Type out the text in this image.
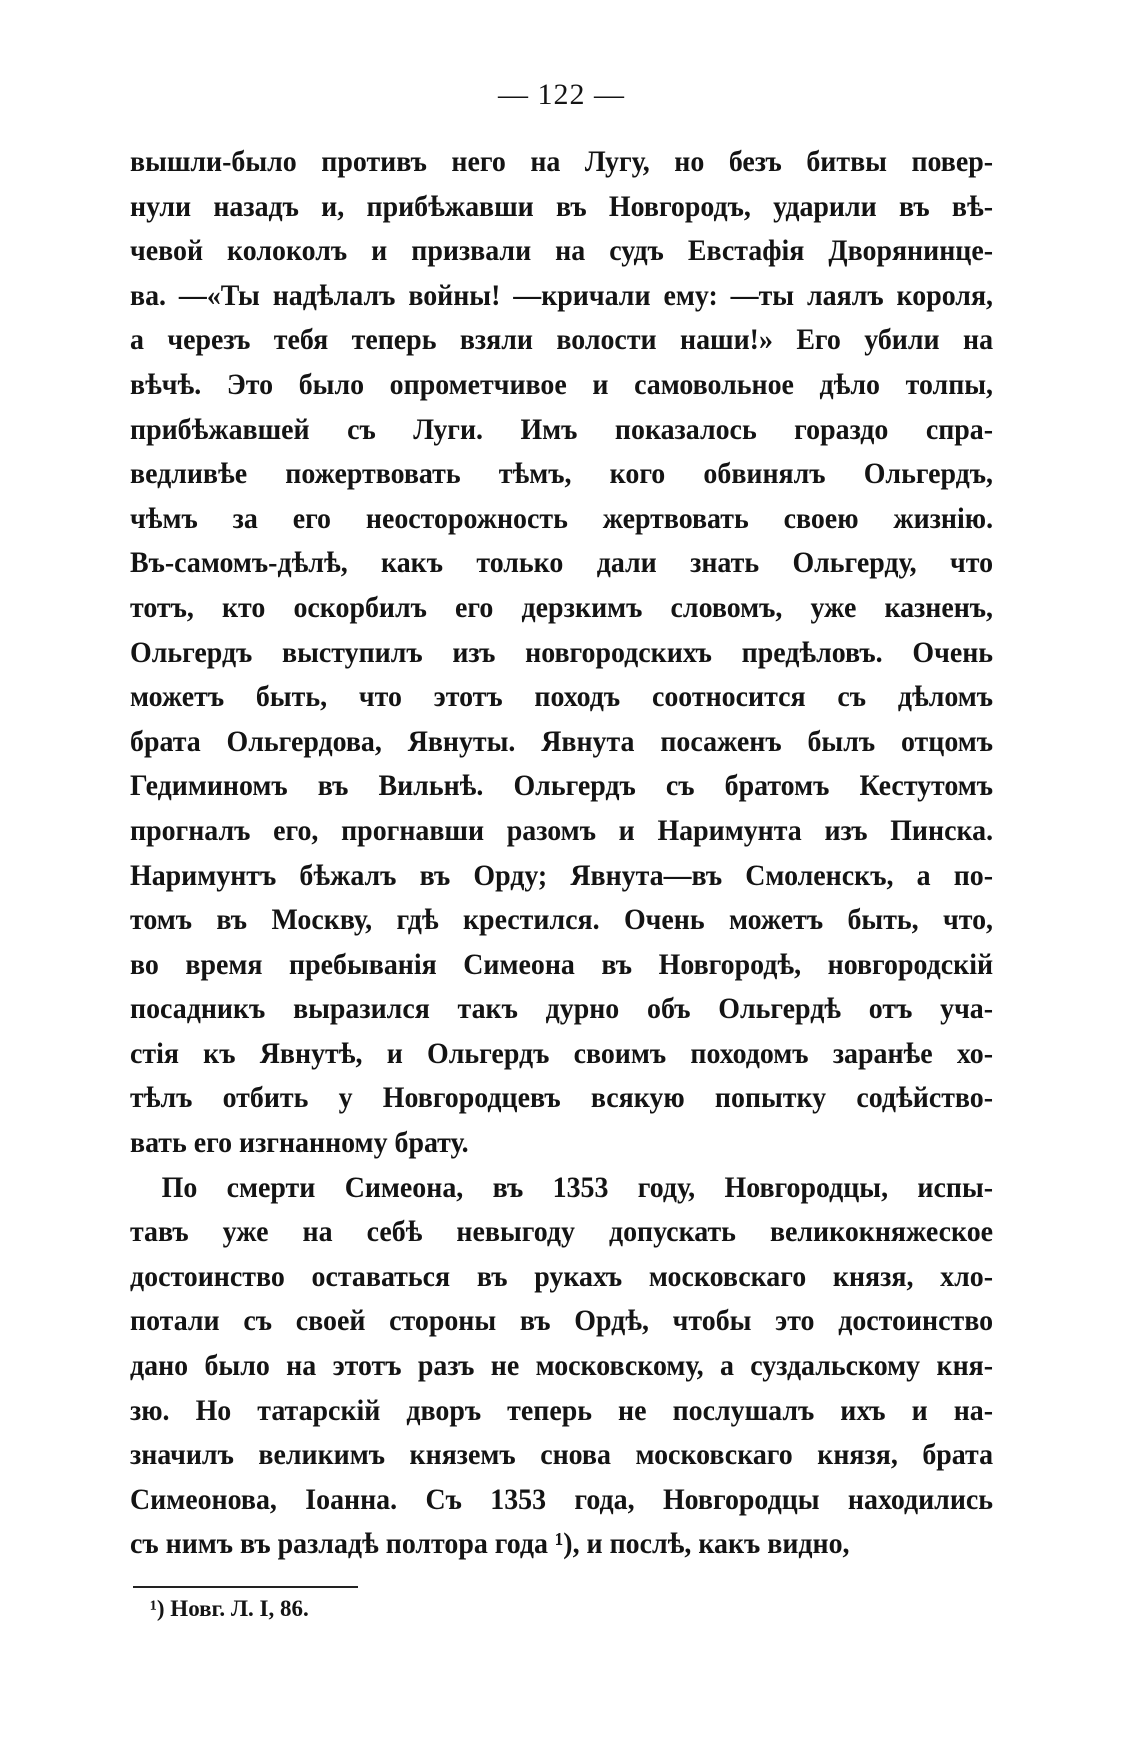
— 122 —
вышли-было противъ него на Лугу, но безъ битвы повер-
нули назадъ и, прибѣжавши въ Новгородъ, ударили въ вѣ-
чевой колоколъ и призвали на судъ Евстафія Дворянинце-
ва. —«Ты надѣлалъ войны! —кричали ему: —ты лаялъ короля,
а черезъ тебя теперь взяли волости наши!» Его убили на
вѣчѣ. Это было опрометчивое и самовольное дѣло толпы,
прибѣжавшей съ Луги. Имъ показалось гораздо спра-
ведливѣе пожертвовать тѣмъ, кого обвинялъ Ольгердъ,
чѣмъ за его неосторожность жертвовать своею жизнію.
Въ-самомъ-дѣлѣ, какъ только дали знать Ольгерду, что
тотъ, кто оскорбилъ его дерзкимъ словомъ, уже казненъ,
Ольгердъ выступилъ изъ новгородскихъ предѣловъ. Очень
можетъ быть, что этотъ походъ соотносится съ дѣломъ
брата Ольгердова, Явнуты. Явнута посаженъ былъ отцомъ
Гедиминомъ въ Вильнѣ. Ольгердъ съ братомъ Кестутомъ
прогналъ его, прогнавши разомъ и Наримунта изъ Пинска.
Наримунтъ бѣжалъ въ Орду; Явнута—въ Смоленскъ, а по-
томъ въ Москву, гдѣ крестился. Очень можетъ быть, что,
во время пребыванія Симеона въ Новгородѣ, новгородскій
посадникъ выразился такъ дурно объ Ольгердѣ отъ уча-
стія къ Явнутѣ, и Ольгердъ своимъ походомъ заранѣе хо-
тѣлъ отбить у Новгородцевъ всякую попытку содѣйство-
вать его изгнанному брату.
По смерти Симеона, въ 1353 году, Новгородцы, испы-
тавъ уже на себѣ невыгоду допускать великокняжеское
достоинство оставаться въ рукахъ московскаго князя, хло-
потали съ своей стороны въ Ордѣ, чтобы это достоинство
дано было на этотъ разъ не московскому, а суздальскому кня-
зю. Но татарскій дворъ теперь не послушалъ ихъ и на-
значилъ великимъ княземъ снова московскаго князя, брата
Симеонова, Іоанна. Съ 1353 года, Новгородцы находились
съ нимъ въ разладѣ полтора года ¹), и послѣ, какъ видно,
¹) Новг. Л. I, 86.
